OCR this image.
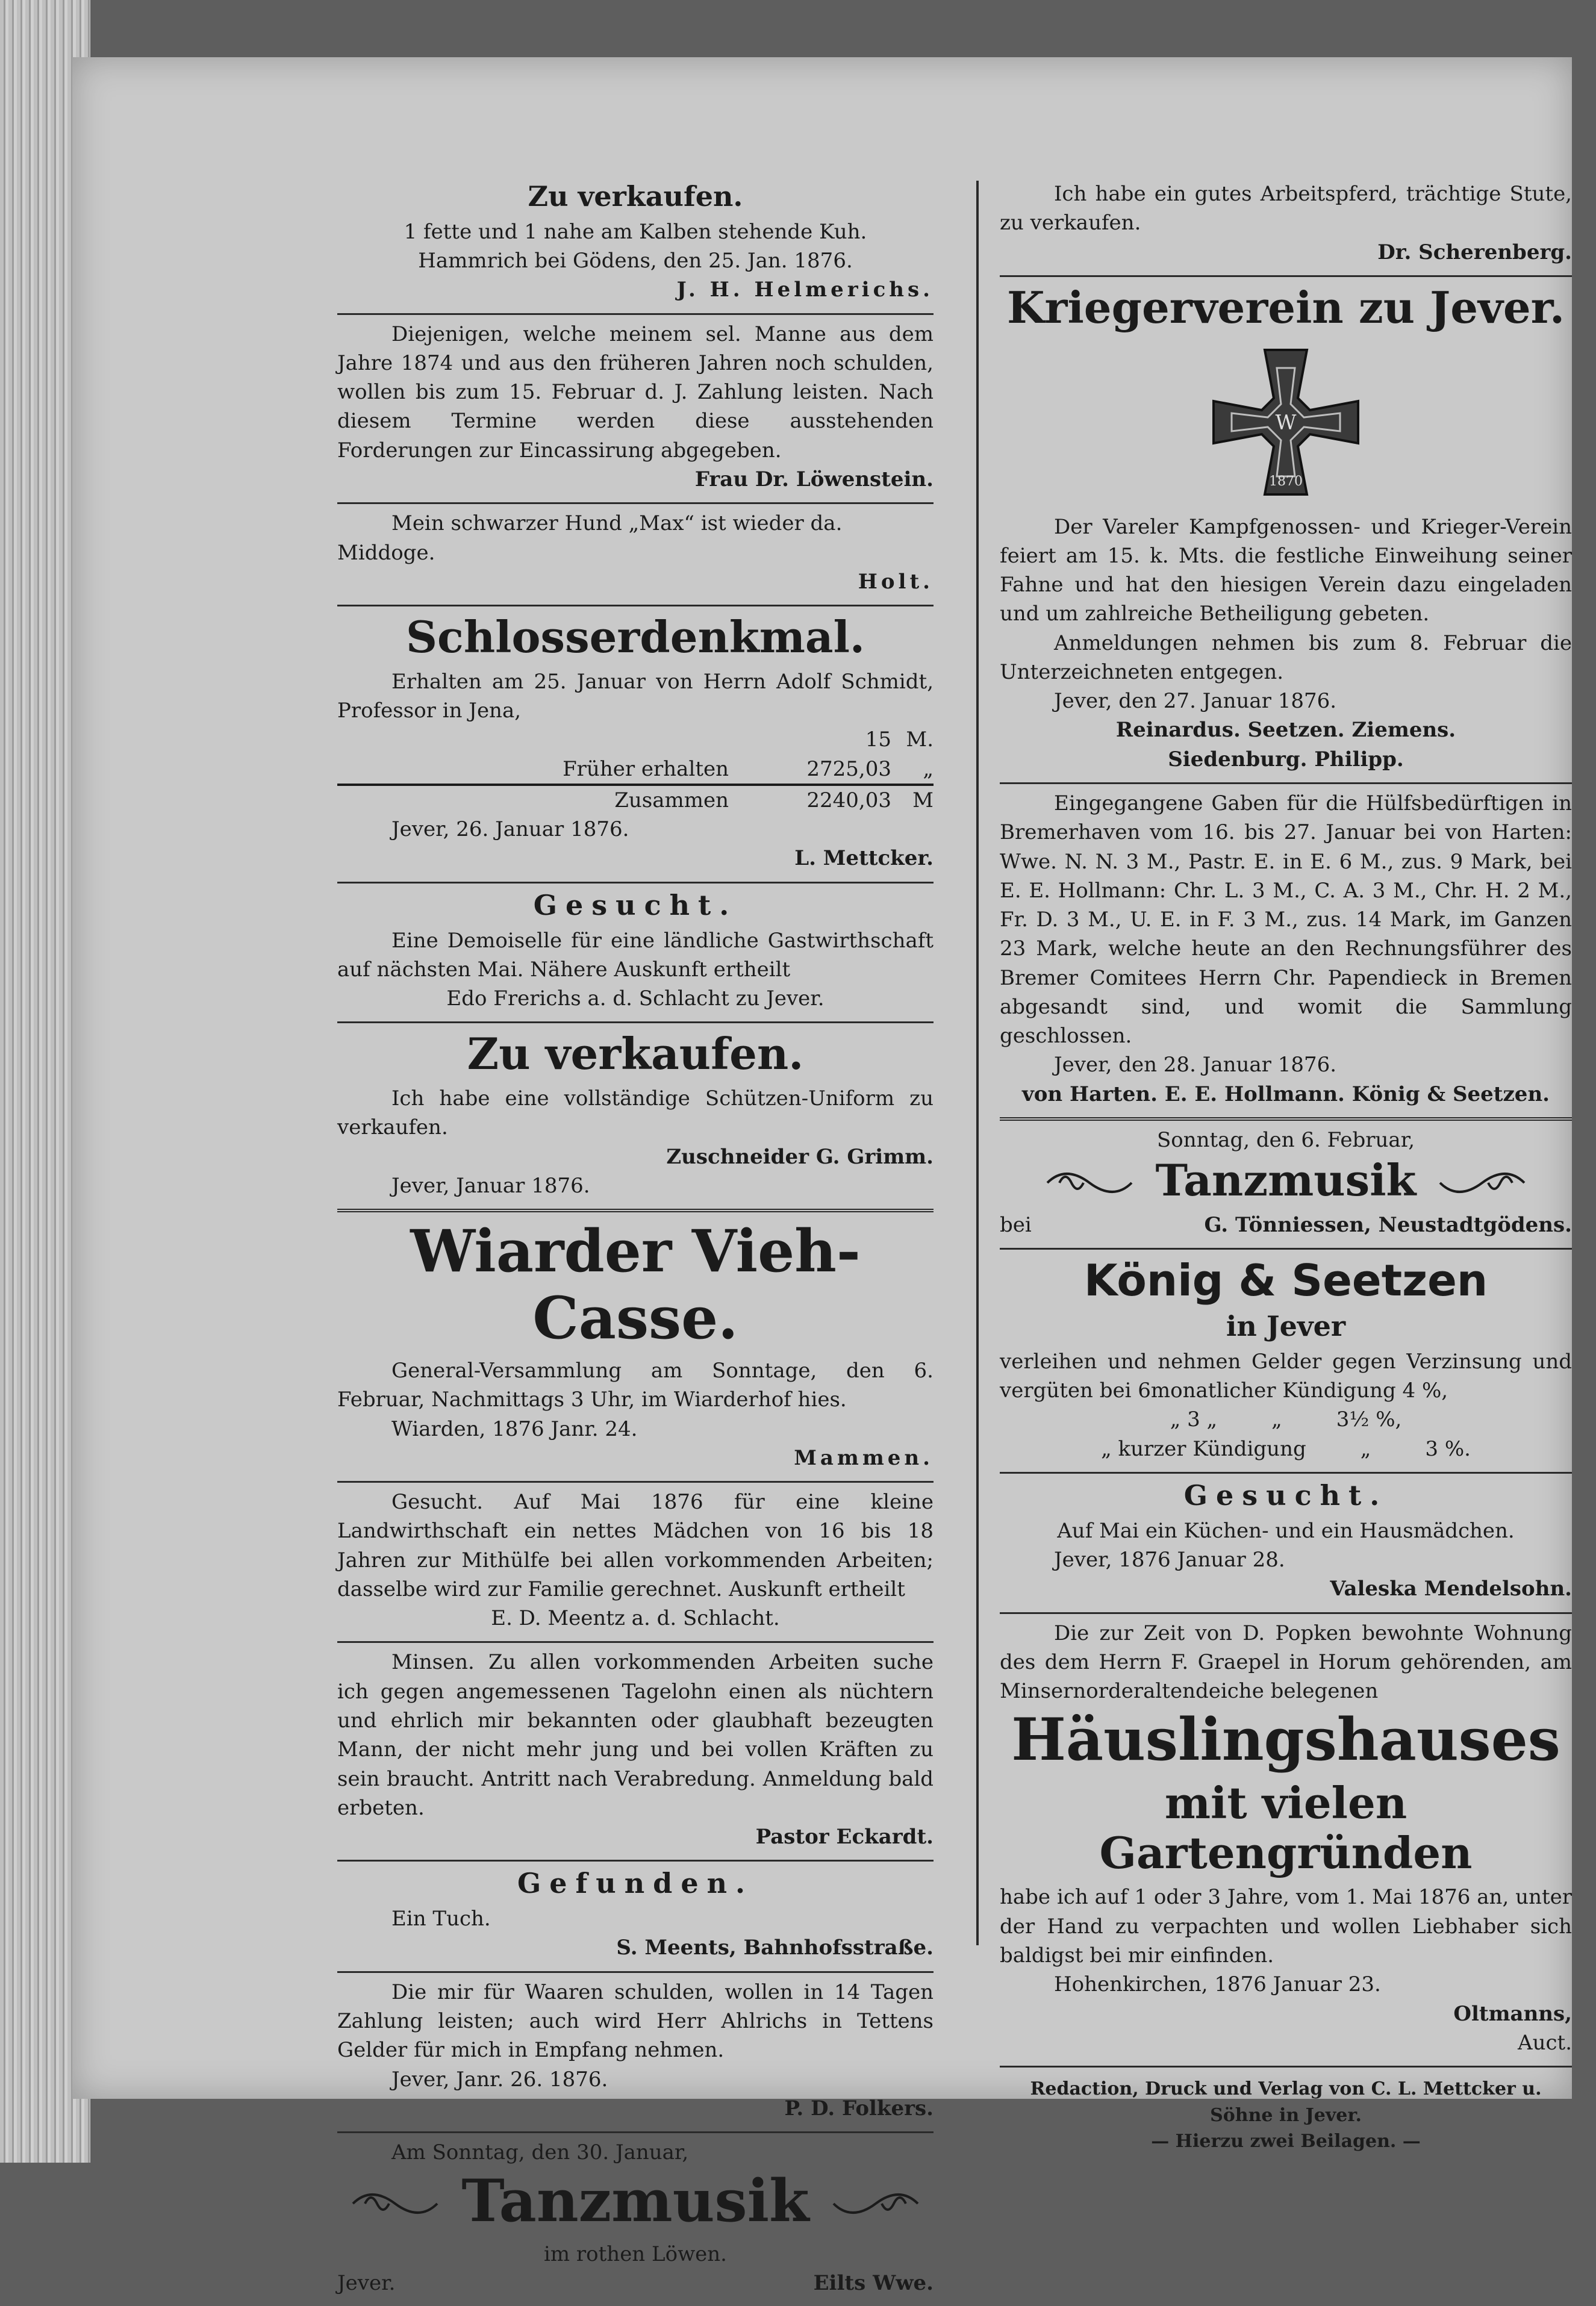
Zu verkaufen.
1 fette und 1 nahe am Kalben stehende Kuh.
Hammrich bei Gödens, den 25. Jan. 1876.
J. H. Helmerichs.
Diejenigen, welche meinem sel. Manne aus dem Jahre 1874 und aus den früheren Jahren noch schulden, wollen bis zum 15. Februar d. J. Zahlung leisten. Nach diesem Termine werden diese ausstehenden Forderungen zur Eincassirung abgegeben.
Frau Dr. Löwenstein.
Mein schwarzer Hund „Max“ ist wieder da.
Middoge.
Holt.
Schlosserdenkmal.
Erhalten am 25. Januar von Herrn Adolf Schmidt, Professor in Jena,
15 M.
Früher erhalten	2725,03	„
Zusammen	2240,03	M
Jever, 26. Januar 1876.
L. Mettcker.
Gesucht.
Eine Demoiselle für eine ländliche Gastwirthschaft auf nächsten Mai. Nähere Auskunft ertheilt
Edo Frerichs a. d. Schlacht zu Jever.
Zu verkaufen.
Ich habe eine vollständige Schützen-Uniform zu verkaufen.
Zuschneider G. Grimm.
Jever, Januar 1876.
Wiarder Vieh-Casse.
General-Versammlung am Sonntage, den 6. Februar, Nachmittags 3 Uhr, im Wiarderhof hies.
Wiarden, 1876 Janr. 24.
Mammen.
Gesucht. Auf Mai 1876 für eine kleine Landwirthschaft ein nettes Mädchen von 16 bis 18 Jahren zur Mithülfe bei allen vorkommenden Arbeiten; dasselbe wird zur Familie gerechnet. Auskunft ertheilt
E. D. Meentz a. d. Schlacht.
Minsen. Zu allen vorkommenden Arbeiten suche ich gegen angemessenen Tagelohn einen als nüchtern und ehrlich mir bekannten oder glaubhaft bezeugten Mann, der nicht mehr jung und bei vollen Kräften zu sein braucht. Antritt nach Verabredung. Anmeldung bald erbeten.
Pastor Eckardt.
Gefunden.
Ein Tuch.
S. Meents, Bahnhofsstraße.
Die mir für Waaren schulden, wollen in 14 Tagen Zahlung leisten; auch wird Herr Ahlrichs in Tettens Gelder für mich in Empfang nehmen.
Jever, Janr. 26. 1876.
P. D. Folkers.
Am Sonntag, den 30. Januar,
Tanzmusik
im rothen Löwen.
Jever.	Eilts Wwe.
Ich habe ein gutes Arbeitspferd, trächtige Stute, zu verkaufen.
Dr. Scherenberg.
Kriegerverein zu Jever.
W
1870
Der Vareler Kampfgenossen- und Krieger-Verein feiert am 15. k. Mts. die festliche Einweihung seiner Fahne und hat den hiesigen Verein dazu eingeladen und um zahlreiche Betheiligung gebeten.
Anmeldungen nehmen bis zum 8. Februar die Unterzeichneten entgegen.
Jever, den 27. Januar 1876.
Reinardus. Seetzen. Ziemens.
Siedenburg. Philipp.
Eingegangene Gaben für die Hülfsbedürftigen in Bremerhaven vom 16. bis 27. Januar bei von Harten: Wwe. N. N. 3 M., Pastr. E. in E. 6 M., zus. 9 Mark, bei E. E. Hollmann: Chr. L. 3 M., C. A. 3 M., Chr. H. 2 M., Fr. D. 3 M., U. E. in F. 3 M., zus. 14 Mark, im Ganzen 23 Mark, welche heute an den Rechnungsführer des Bremer Comitees Herrn Chr. Papendieck in Bremen abgesandt sind, und womit die Sammlung geschlossen.
Jever, den 28. Januar 1876.
von Harten. E. E. Hollmann. König & Seetzen.
Sonntag, den 6. Februar,
Tanzmusik
bei	G. Tönniessen, Neustadtgödens.
König & Seetzen
in Jever
verleihen und nehmen Gelder gegen Verzinsung und vergüten bei 6monatlicher Kündigung 4 %,
„ 3 „	„	3½ %,
„ kurzer Kündigung	„	3 %.
Gesucht.
Auf Mai ein Küchen- und ein Hausmädchen.
Jever, 1876 Januar 28.
Valeska Mendelsohn.
Die zur Zeit von D. Popken bewohnte Wohnung des dem Herrn F. Graepel in Horum gehörenden, am Minsernorderaltendeiche belegenen
Häuslingshauses
mit vielen Gartengründen
habe ich auf 1 oder 3 Jahre, vom 1. Mai 1876 an, unter der Hand zu verpachten und wollen Liebhaber sich baldigst bei mir einfinden.
Hohenkirchen, 1876 Januar 23.
Oltmanns,
Auct.
Redaction, Druck und Verlag von C. L. Mettcker u. Söhne in Jever.
— Hierzu zwei Beilagen. —
